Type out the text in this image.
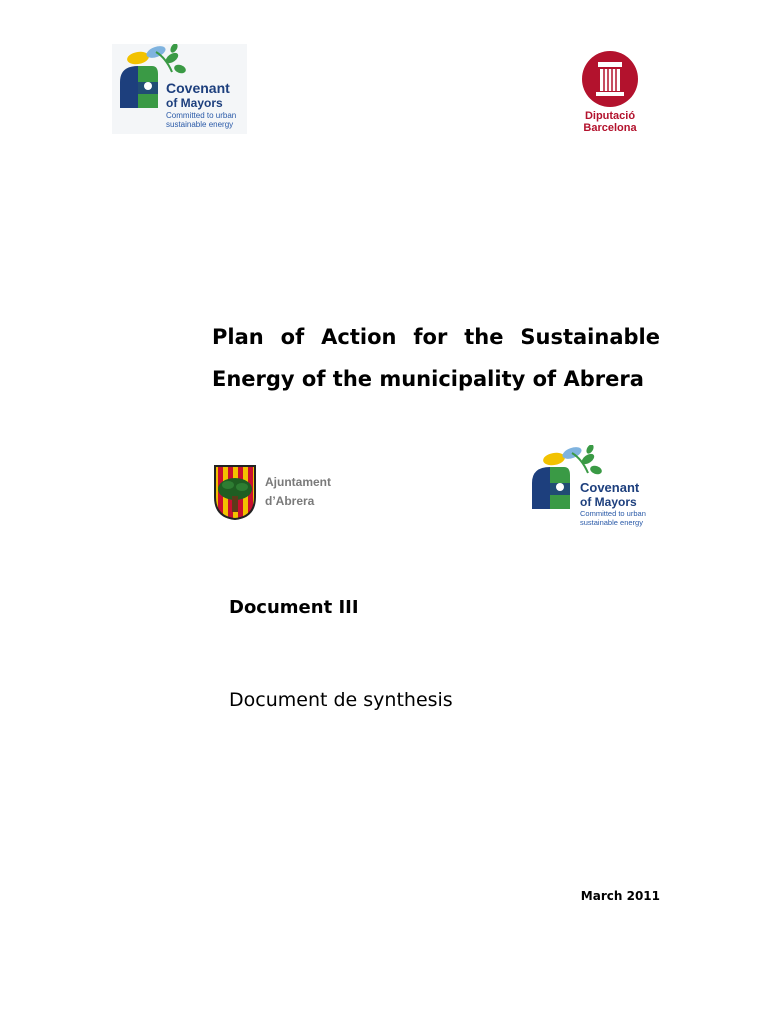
Covenant
of Mayors
Committed to urban
sustainable energy
Diputació
Barcelona
Plan of Action for the Sustainable
Energy of the municipality of Abrera
Ajuntament
d’Abrera
Covenant
of Mayors
Committed to urban
sustainable energy
Document III
Document de synthesis
March 2011
